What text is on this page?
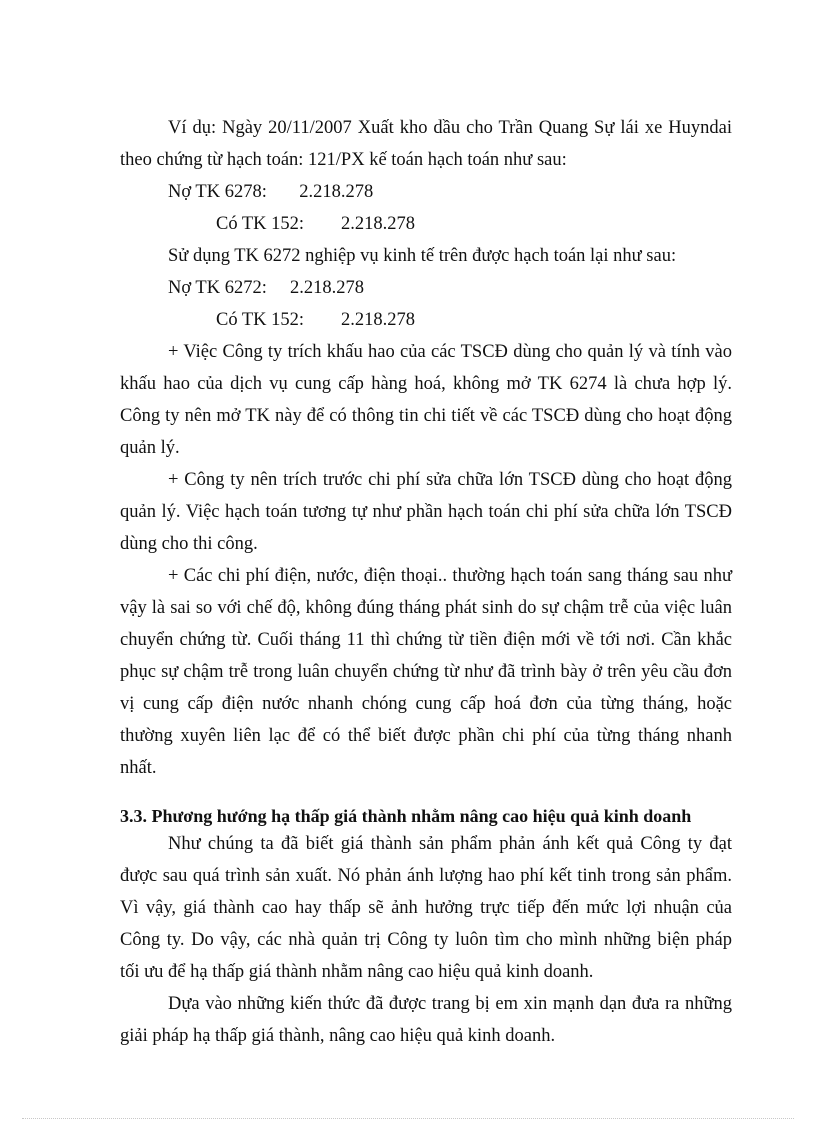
Ví dụ: Ngày 20/11/2007 Xuất kho dầu cho Trần Quang Sự lái xe Huyndai

theo chứng từ hạch toán: 121/PX kế toán hạch toán như sau:

Nợ TK 6278:       2.218.278

Có TK 152:        2.218.278

Sử dụng TK 6272 nghiệp vụ kinh tế trên được hạch toán lại như sau:

Nợ TK 6272:     2.218.278

Có TK 152:        2.218.278

+ Việc Công ty trích khấu hao của các TSCĐ dùng cho quản lý và tính vào

khấu hao của dịch vụ cung cấp hàng hoá, không mở TK 6274 là chưa hợp lý.

Công ty nên mở TK này để có thông tin chi tiết về các TSCĐ dùng cho hoạt động

quản lý.

+ Công ty nên trích trước chi phí sửa chữa lớn TSCĐ dùng cho hoạt động

quản lý. Việc hạch toán tương tự như phần hạch toán chi phí sửa chữa lớn TSCĐ

dùng cho thi công.

+ Các chi phí điện, nước, điện thoại.. thường hạch toán sang tháng sau như

vậy là sai so với chế độ, không đúng tháng phát sinh do sự chậm trễ của việc luân

chuyển chứng từ. Cuối tháng 11 thì chứng từ tiền điện mới về tới nơi. Cần khắc

phục sự chậm trễ trong luân chuyển chứng từ như đã trình bày ở trên yêu cầu đơn

vị cung cấp điện nước nhanh chóng cung cấp hoá đơn của từng tháng, hoặc

thường xuyên liên lạc để có thể biết được phần chi phí của từng tháng nhanh

nhất.

3.3. Phương hướng hạ thấp giá thành nhằm nâng cao hiệu quả kinh doanh

Như chúng ta đã biết giá thành sản phẩm phản ánh kết quả Công ty đạt

được sau quá trình sản xuất. Nó phản ánh lượng hao phí kết tinh trong sản phẩm.

Vì vậy, giá thành cao hay thấp sẽ ảnh hưởng trực tiếp đến mức lợi nhuận của

Công ty. Do vậy, các nhà quản trị Công ty luôn tìm cho mình những biện pháp

tối ưu để hạ thấp giá thành nhằm nâng cao hiệu quả kinh doanh.

Dựa vào những kiến thức đã được trang bị em xin mạnh dạn đưa ra những

giải pháp hạ thấp giá thành, nâng cao hiệu quả kinh doanh.
